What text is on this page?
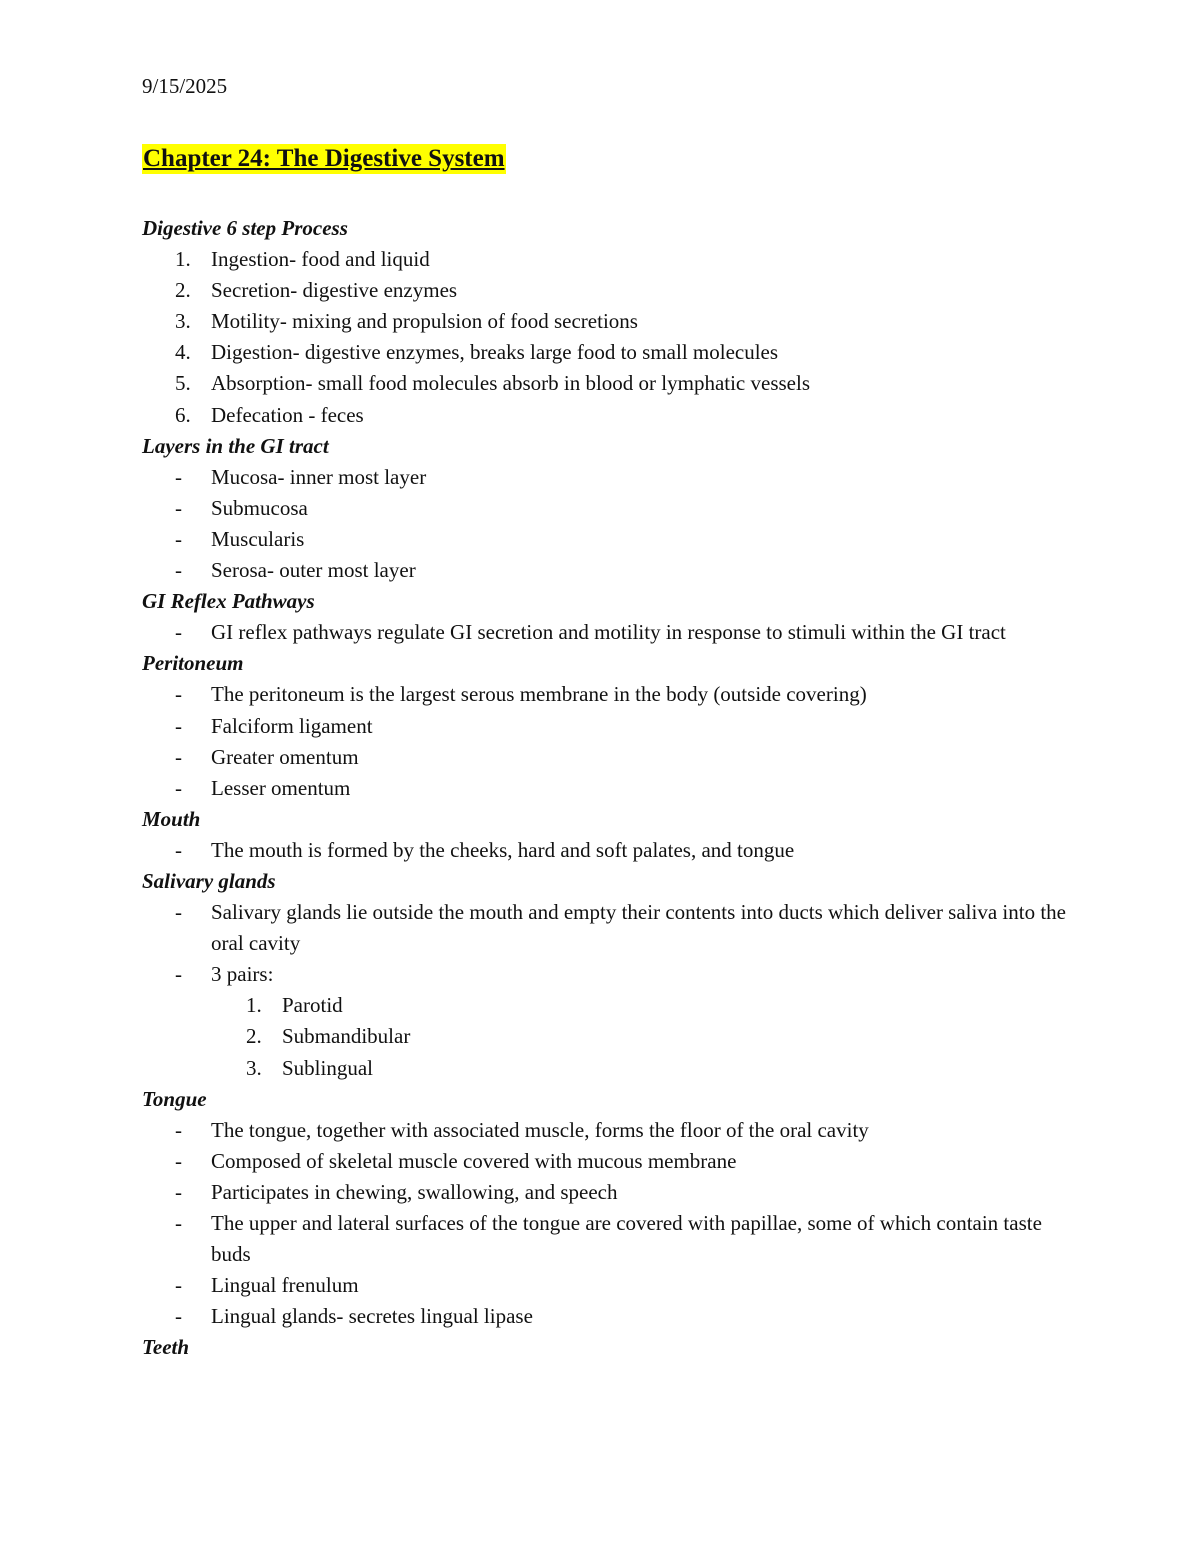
9/15/2025
Chapter 24: The Digestive System

Digestive 6 step Process

1. Ingestion- food and liquid

2. Secretion- digestive enzymes

3. Motility- mixing and propulsion of food secretions

4. Digestion- digestive enzymes, breaks large food to small molecules

5. Absorption- small food molecules absorb in blood or lymphatic vessels

6. Defecation - feces

Layers in the GI tract

- Mucosa- inner most layer

- Submucosa

- Muscularis

- Serosa- outer most layer

GI Reflex Pathways

- GI reflex pathways regulate GI secretion and motility in response to stimuli within the GI tract

Peritoneum

- The peritoneum is the largest serous membrane in the body (outside covering)

- Falciform ligament

- Greater omentum

- Lesser omentum

Mouth

- The mouth is formed by the cheeks, hard and soft palates, and tongue

Salivary glands

- Salivary glands lie outside the mouth and empty their contents into ducts which deliver saliva into the oral cavity

- 3 pairs:

1. Parotid

2. Submandibular

3. Sublingual

Tongue

- The tongue, together with associated muscle, forms the floor of the oral cavity

- Composed of skeletal muscle covered with mucous membrane

- Participates in chewing, swallowing, and speech

- The upper and lateral surfaces of the tongue are covered with papillae, some of which contain taste buds

- Lingual frenulum

- Lingual glands- secretes lingual lipase

Teeth
